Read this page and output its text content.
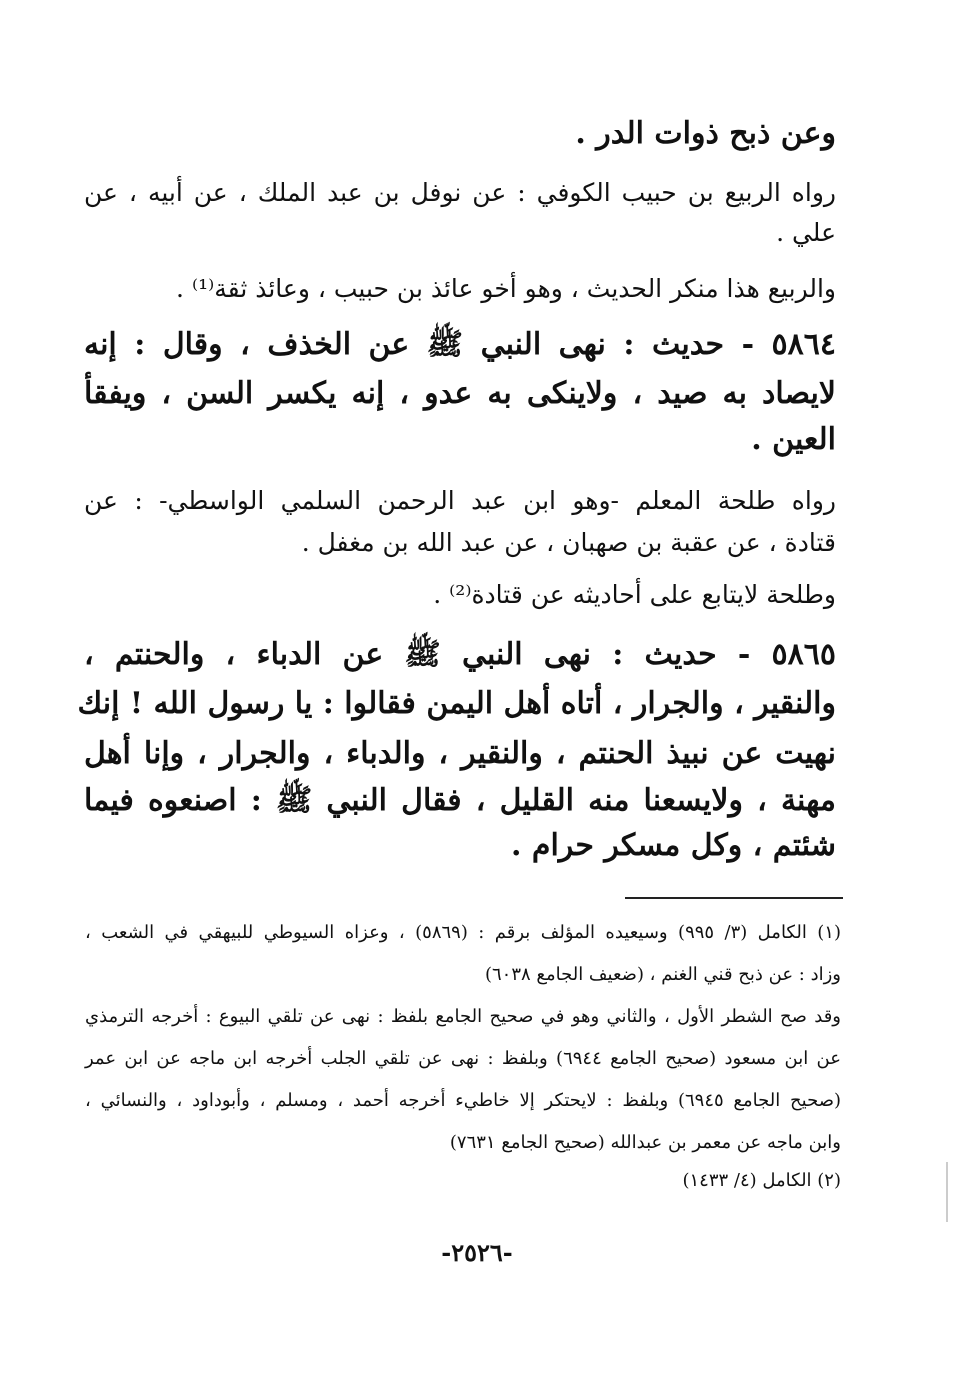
وعن ذبح ذوات الدر .
رواه الربيع بن حبيب الكوفي : عن نوفل بن عبد الملك ، عن أبيه ، عن
علي .
والربيع هذا منكر الحديث ، وهو أخو عائذ بن حبيب ، وعائذ ثقة⁽¹⁾ .
٥٨٦٤ - حديث : نهى النبي ﷺ عن الخذف ، وقال : إنه
لايصاد به صيد ، ولاينكى به عدو ، إنه يكسر السن ، ويفقأ
العين .
رواه طلحة المعلم -وهو ابن عبد الرحمن السلمي الواسطي- : عن
قتادة ، عن عقبة بن صهبان ، عن عبد الله بن مغفل .
وطلحة لايتابع على أحاديثه عن قتادة⁽²⁾ .
٥٨٦٥ - حديث : نهى النبي ﷺ عن الدباء ، والحنتم ،
والنقير ، والجرار ، أتاه أهل اليمن فقالوا : يا رسول الله ! إنك
نهيت عن نبيذ الحنتم ، والنقير ، والدباء ، والجرار ، وإنا أهل
مهنة ، ولايسعنا منه القليل ، فقال النبي ﷺ : اصنعوه فيما
شئتم ، وكل مسكر حرام .
(١) الكامل (٣/ ٩٩٥) وسيعيده المؤلف برقم : (٥٨٦٩) ، وعزاه السيوطي للبيهقي في الشعب ،
وزاد : عن ذبح قني الغنم ، (ضعيف الجامع ٦٠٣٨)
وقد صح الشطر الأول ، والثاني وهو في صحيح الجامع بلفظ : نهى عن تلقي البيوع : أخرجه الترمذي
عن ابن مسعود (صحيح الجامع ٦٩٤٤) وبلفظ : نهى عن تلقي الجلب أخرجه ابن ماجه عن ابن عمر
(صحيح الجامع ٦٩٤٥) وبلفظ : لايحتكر إلا خاطيء أخرجه أحمد ، ومسلم ، وأبوداود ، والنسائي ،
وابن ماجه عن معمر بن عبدالله (صحيح الجامع ٧٦٣١)
(٢) الكامل (٤/ ١٤٣٣)
-٢٥٢٦-
